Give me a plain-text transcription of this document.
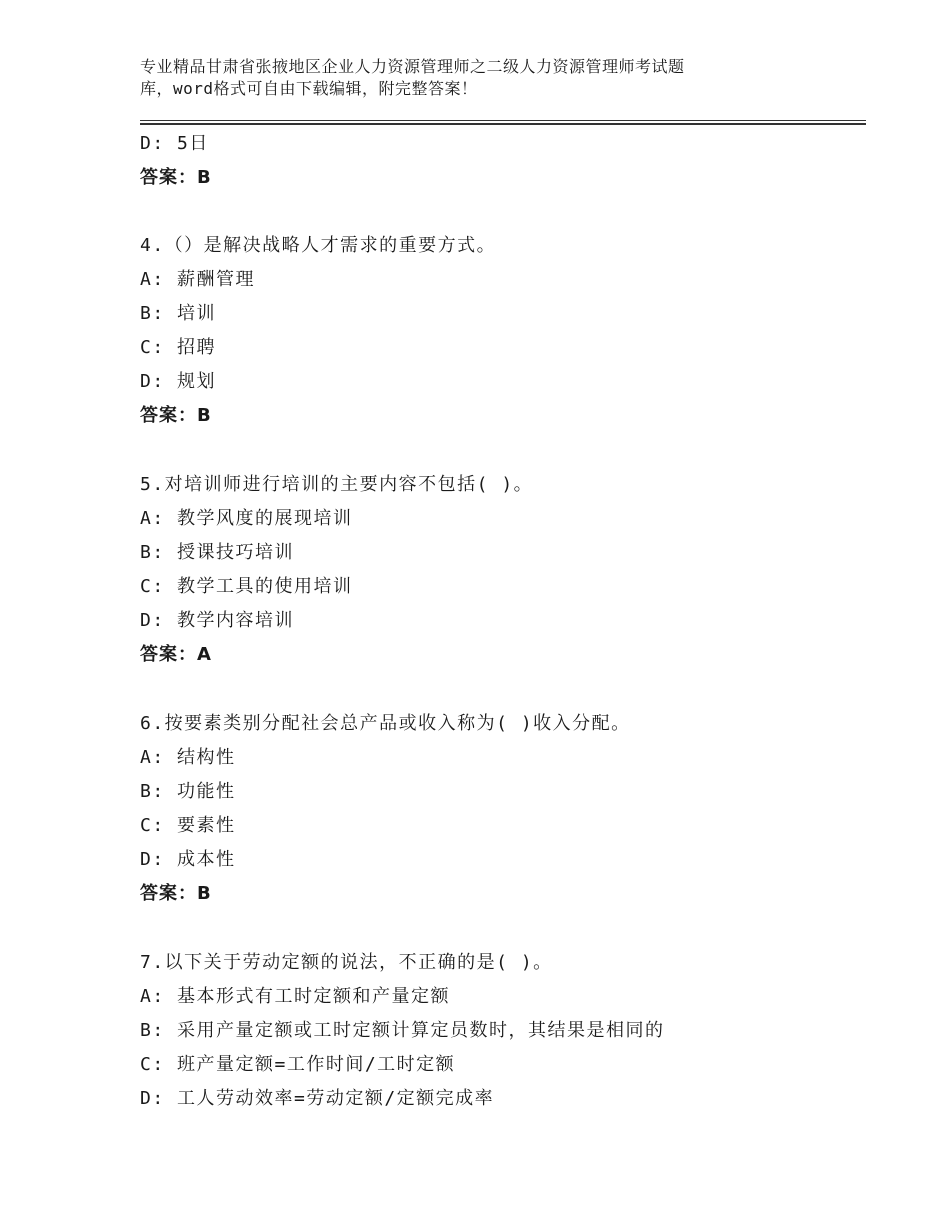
专业精品甘肃省张掖地区企业人力资源管理师之二级人力资源管理师考试题
库，word格式可自由下载编辑，附完整答案！
D: 5日
答案：B
4.（）是解决战略人才需求的重要方式。
A: 薪酬管理
B: 培训
C: 招聘
D: 规划
答案：B
5.对培训师进行培训的主要内容不包括( )。
A: 教学风度的展现培训
B: 授课技巧培训
C: 教学工具的使用培训
D: 教学内容培训
答案：A
6.按要素类别分配社会总产品或收入称为( )收入分配。
A: 结构性
B: 功能性
C: 要素性
D: 成本性
答案：B
7.以下关于劳动定额的说法，不正确的是( )。
A: 基本形式有工时定额和产量定额
B: 采用产量定额或工时定额计算定员数时，其结果是相同的
C: 班产量定额=工作时间/工时定额
D: 工人劳动效率=劳动定额/定额完成率
